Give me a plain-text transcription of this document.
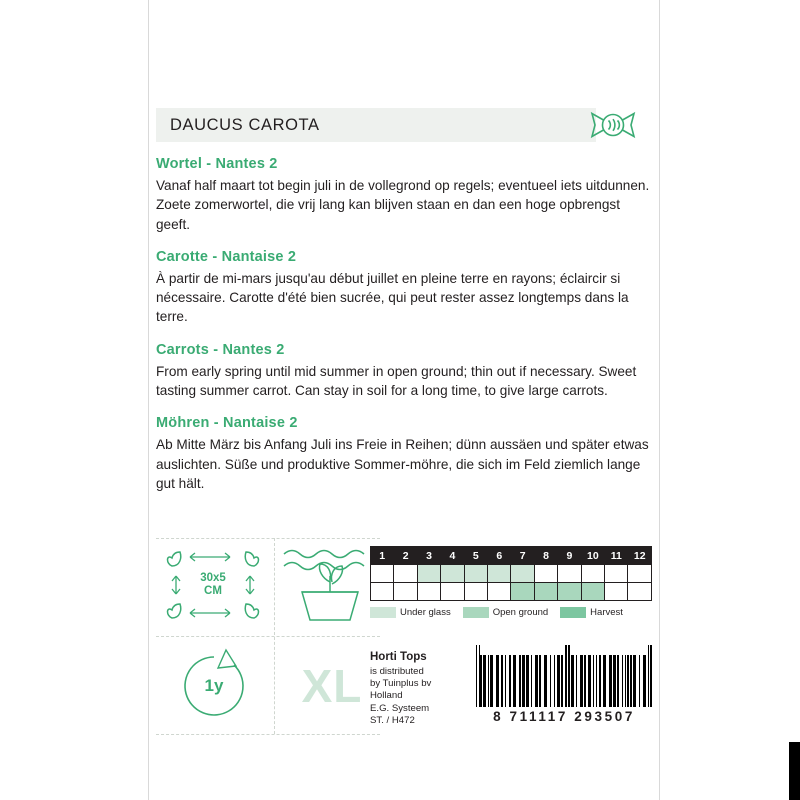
DAUCUS CAROTA

Wortel - Nantes 2

Vanaf half maart tot begin juli in de vollegrond op regels; eventueel iets uitdunnen. Zoete zomerwortel, die vrij lang kan blijven staan en dan een hoge opbrengst geeft.

Carotte - Nantaise 2

À partir de mi-mars jusqu'au début juillet en pleine terre en rayons; éclaircir si nécessaire. Carotte d'été bien sucrée, qui peut rester assez longtemps dans la terre.

Carrots - Nantes 2

From early spring until mid summer in open ground; thin out if necessary. Sweet tasting summer carrot. Can stay in soil for a long time, to give large carrots.

Möhren - Nantaise 2

Ab Mitte März bis Anfang Juli ins Freie in Reihen; dünn aussäen und später etwas auslichten. Süße und produktive Sommer-möhre, die sich im Feld ziemlich lange gut hält.

30x5
CM
1y	XL
1	2	3	4	5	6	7	8	9	10	11	12

Under glass	Open ground	Harvest
Horti Tops
is distributed
by Tuinplus bv
Holland
E.G. Systeem
ST. / H472	8 711117 293507
